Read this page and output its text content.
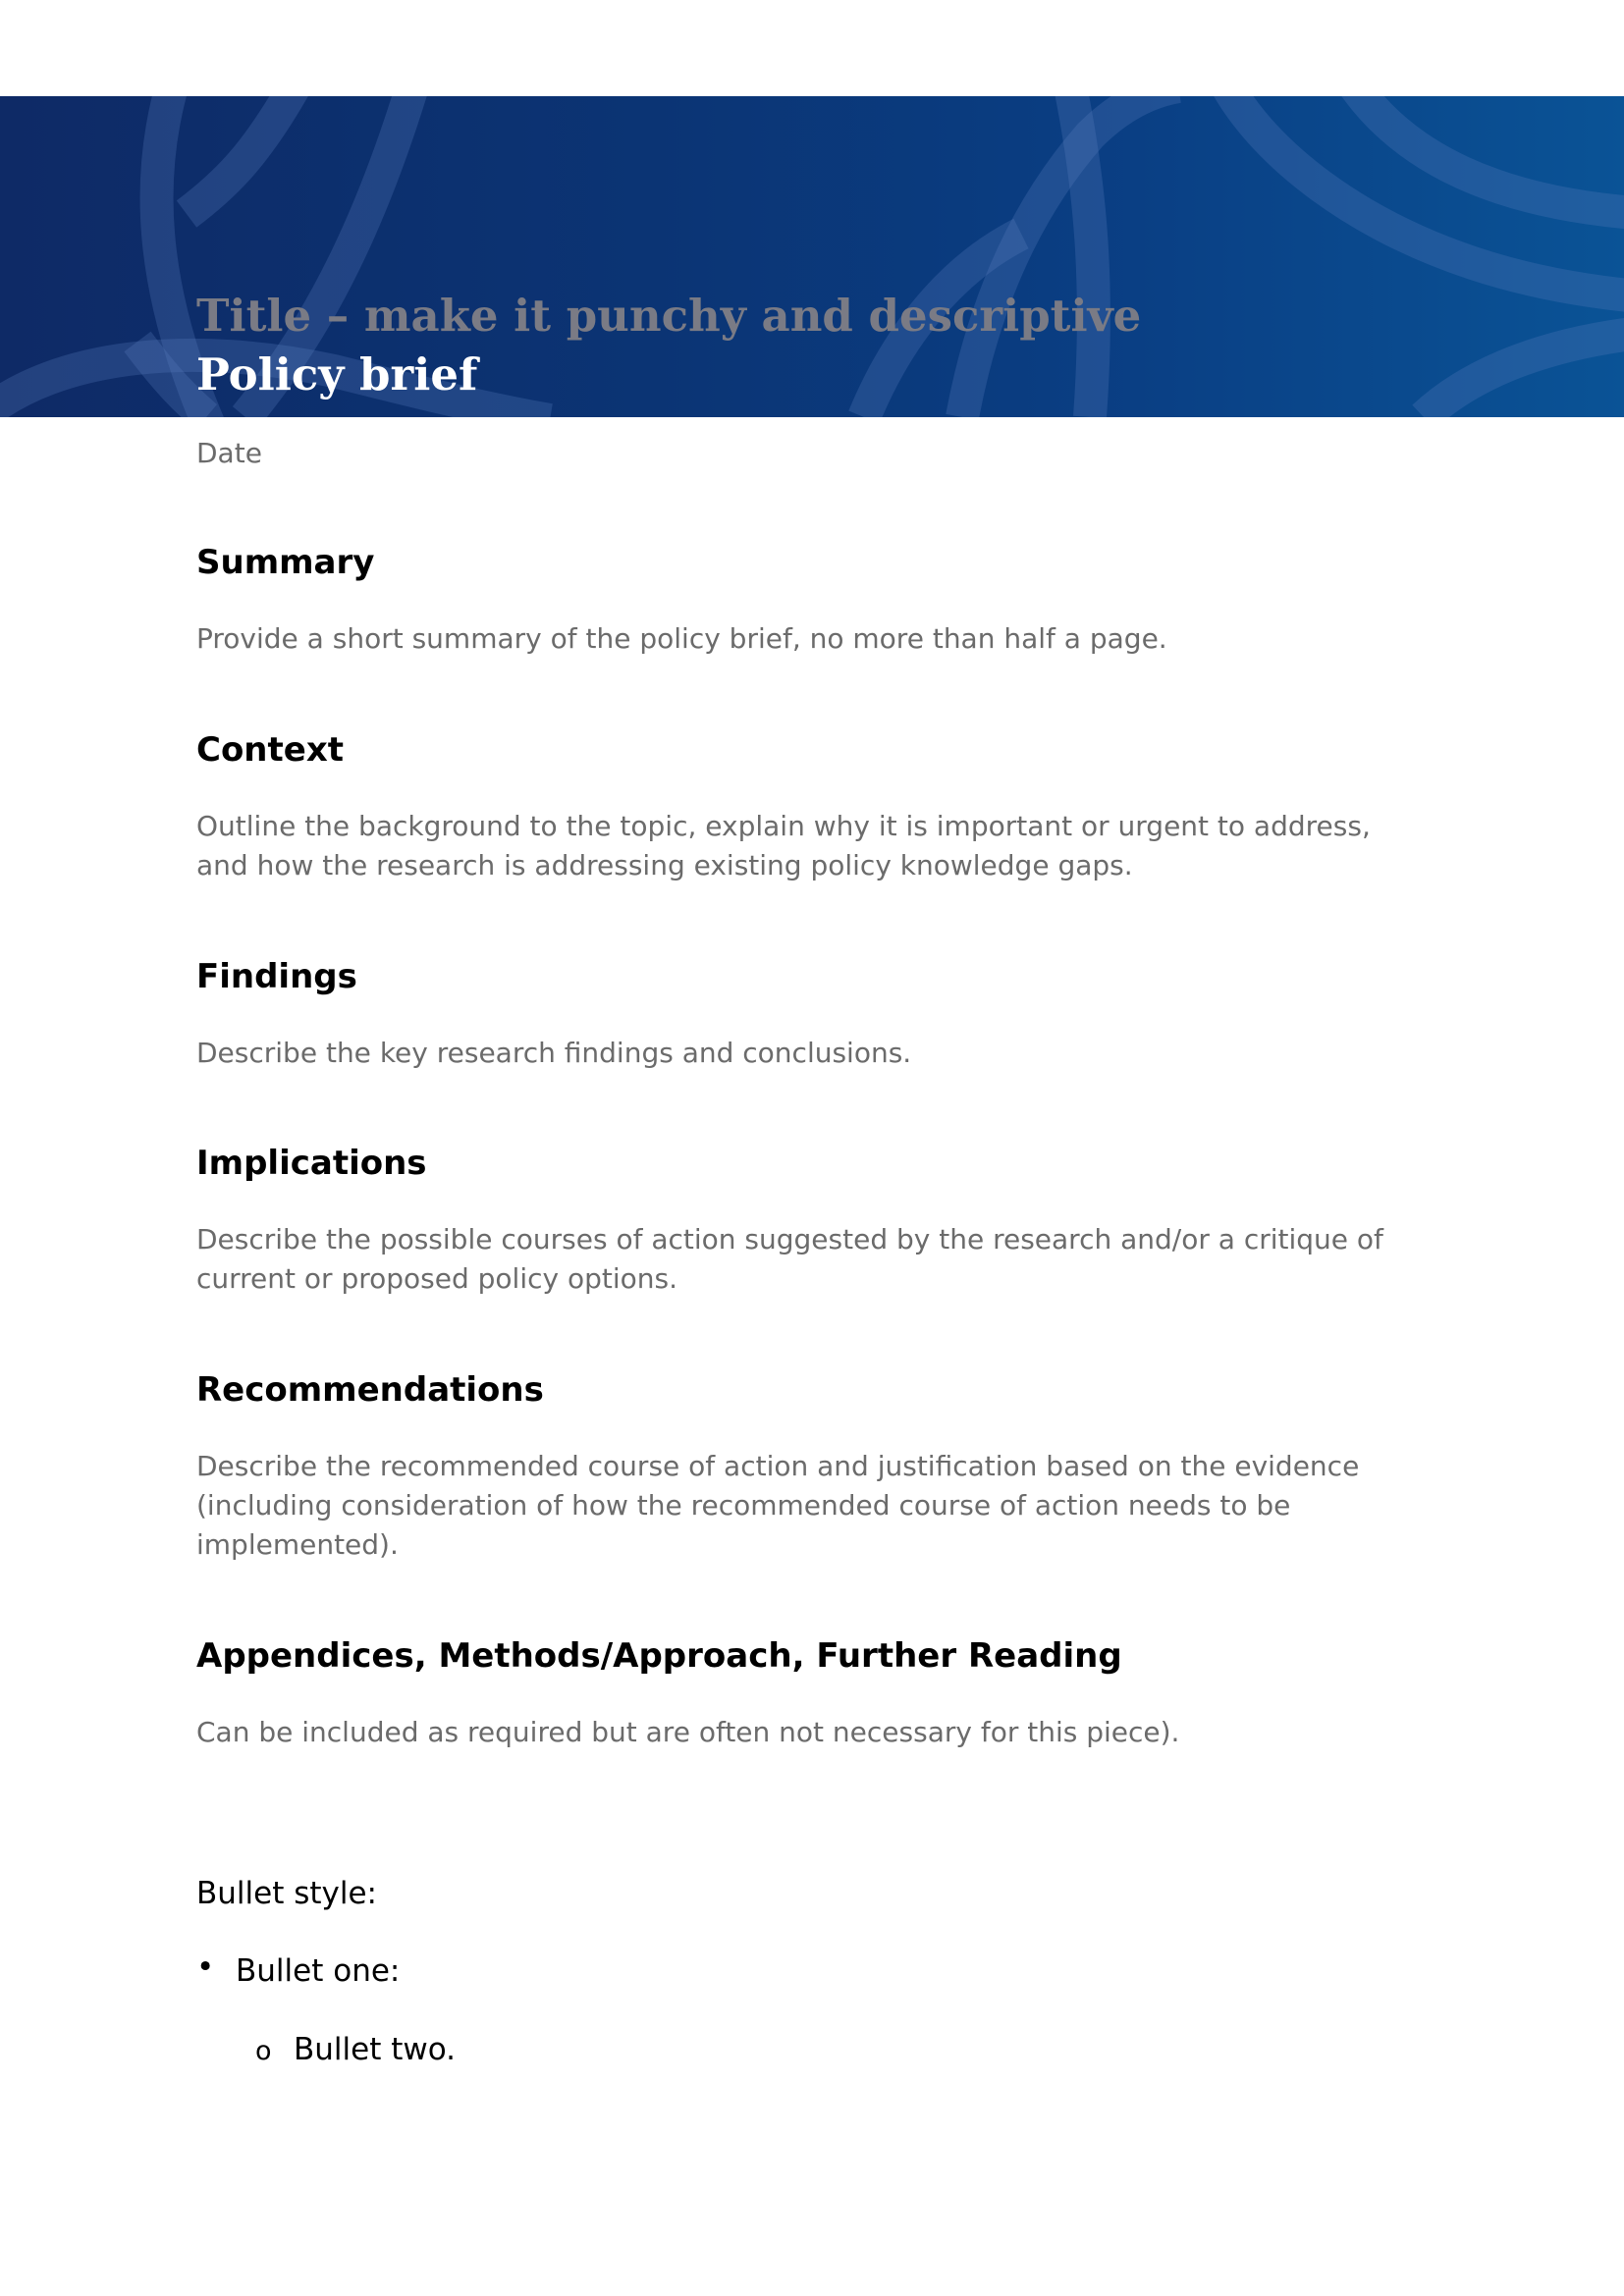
Title – make it punchy and descriptive
Policy brief

Date

Summary

Provide a short summary of the policy brief, no more than half a page.

Context

Outline the background to the topic, explain why it is important or urgent to address, and how the research is addressing existing policy knowledge gaps.

Findings

Describe the key research findings and conclusions.

Implications

Describe the possible courses of action suggested by the research and/or a critique of current or proposed policy options.

Recommendations

Describe the recommended course of action and justification based on the evidence (including consideration of how the recommended course of action needs to be implemented).

Appendices, Methods/Approach, Further Reading

Can be included as required but are often not necessary for this piece).

Bullet style:

• Bullet one:

o Bullet two.
